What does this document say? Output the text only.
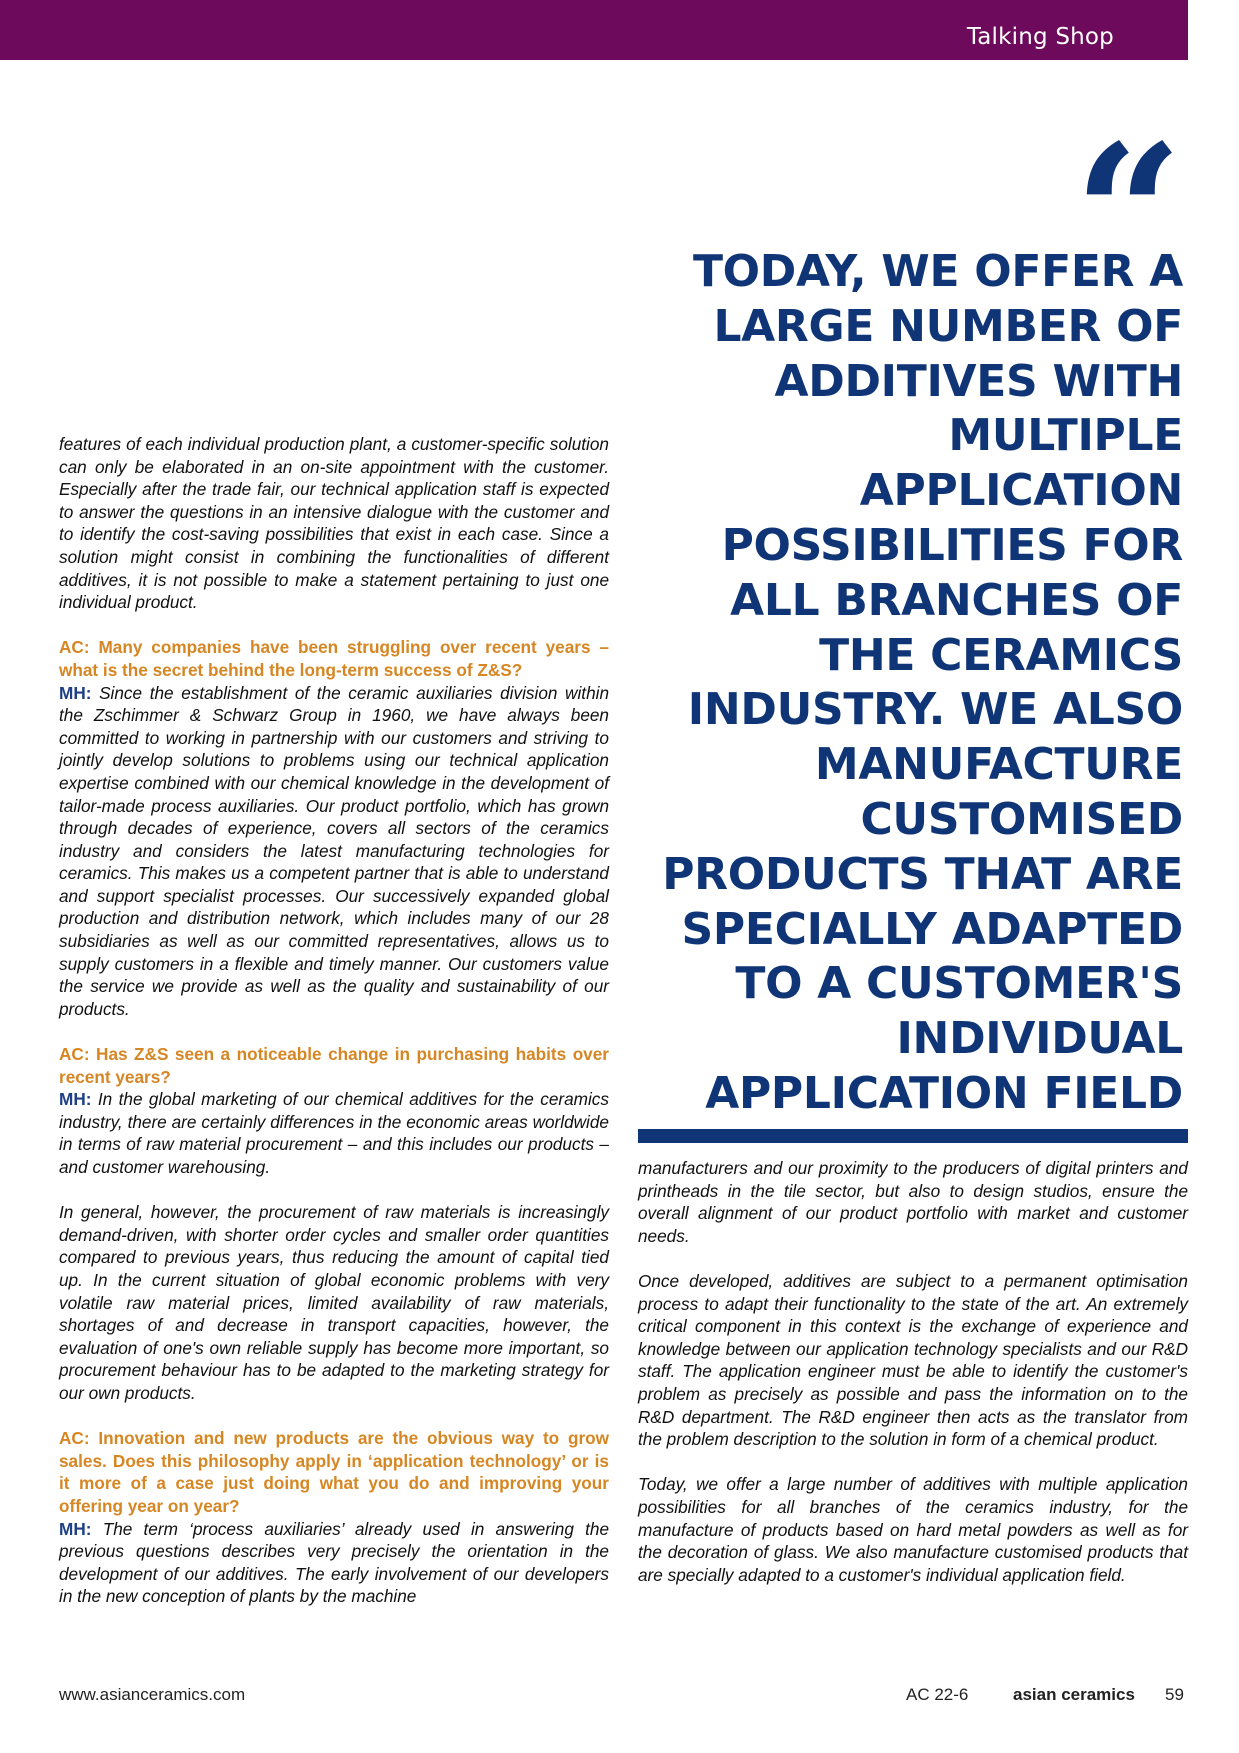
Talking Shop

features of each individual production plant, a customer-specific solution can only be elaborated in an on-site appointment with the customer. Especially after the trade fair, our technical application staff is expected to answer the questions in an intensive dialogue with the customer and to identify the cost-saving possibilities that exist in each case. Since a solution might consist in combining the functionalities of different additives, it is not possible to make a statement pertaining to just one individual product.

AC: Many companies have been struggling over recent years – what is the secret behind the long-term success of Z&S?

MH: Since the establishment of the ceramic auxiliaries division within the Zschimmer & Schwarz Group in 1960, we have always been committed to working in partnership with our customers and striving to jointly develop solutions to problems using our technical application expertise combined with our chemical knowledge in the development of tailor-made process auxiliaries. Our product portfolio, which has grown through decades of experience, covers all sectors of the ceramics industry and considers the latest manufacturing technologies for ceramics. This makes us a competent partner that is able to understand and support specialist processes. Our successively expanded global production and distribution network, which includes many of our 28 subsidiaries as well as our committed representatives, allows us to supply customers in a flexible and timely manner. Our customers value the service we provide as well as the quality and sustainability of our products.

AC: Has Z&S seen a noticeable change in purchasing habits over recent years?

MH: In the global marketing of our chemical additives for the ceramics industry, there are certainly differences in the economic areas worldwide in terms of raw material procurement – and this includes our products – and customer warehousing.

In general, however, the procurement of raw materials is increasingly demand-driven, with shorter order cycles and smaller order quantities compared to previous years, thus reducing the amount of capital tied up. In the current situation of global economic problems with very volatile raw material prices, limited availability of raw materials, shortages of and decrease in transport capacities, however, the evaluation of one's own reliable supply has become more important, so procurement behaviour has to be adapted to the marketing strategy for our own products.

AC: Innovation and new products are the obvious way to grow sales. Does this philosophy apply in ‘application technology’ or is it more of a case just doing what you do and improving your offering year on year?

MH: The term ‘process auxiliaries’ already used in answering the previous questions describes very precisely the orientation in the development of our additives. The early involvement of our developers in the new conception of plants by the machine

“

TODAY, WE OFFER A LARGE NUMBER OF ADDITIVES WITH MULTIPLE APPLICATION POSSIBILITIES FOR ALL BRANCHES OF THE CERAMICS INDUSTRY. WE ALSO MANUFACTURE CUSTOMISED PRODUCTS THAT ARE SPECIALLY ADAPTED TO A CUSTOMER'S INDIVIDUAL APPLICATION FIELD

manufacturers and our proximity to the producers of digital printers and printheads in the tile sector, but also to design studios, ensure the overall alignment of our product portfolio with market and customer needs.

Once developed, additives are subject to a permanent optimisation process to adapt their functionality to the state of the art. An extremely critical component in this context is the exchange of experience and knowledge between our application technology specialists and our R&D staff. The application engineer must be able to identify the customer's problem as precisely as possible and pass the information on to the R&D department. The R&D engineer then acts as the translator from the problem description to the solution in form of a chemical product.

Today, we offer a large number of additives with multiple application possibilities for all branches of the ceramics industry, for the manufacture of products based on hard metal powders as well as for the decoration of glass. We also manufacture customised products that are specially adapted to a customer's individual application field.

www.asianceramics.com	AC 22-6	asian ceramics 59
